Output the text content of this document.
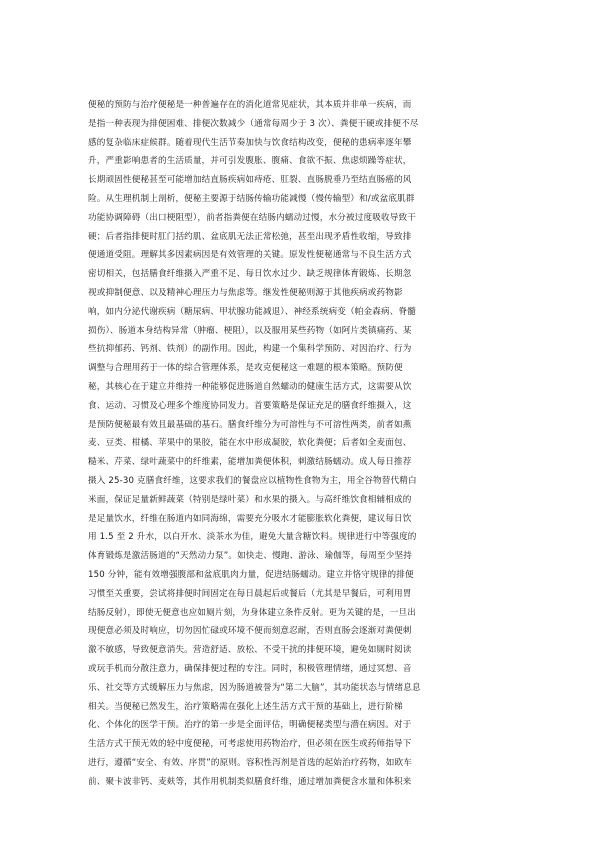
便秘的预防与治疗便秘是一种普遍存在的消化道常见症状，其本质并非单一疾病，而
是指一种表现为排便困难、排便次数减少（通常每周少于 3 次）、粪便干硬或排便不尽
感的复杂临床症候群。随着现代生活节奏加快与饮食结构改变，便秘的患病率逐年攀
升，严重影响患者的生活质量，并可引发腹胀、腹痛、食欲不振、焦虑烦躁等症状，
长期顽固性便秘甚至可能增加结直肠疾病如痔疮、肛裂、直肠脱垂乃至结直肠癌的风
险。从生理机制上剖析，便秘主要源于结肠传输功能减慢（慢传输型）和/或盆底肌群
功能协调障碍（出口梗阻型），前者指粪便在结肠内蠕动过慢，水分被过度吸收导致干
硬；后者指排便时肛门括约肌、盆底肌无法正常松弛，甚至出现矛盾性收缩，导致排
便通道受阻。理解其多因素病因是有效管理的关键。原发性便秘通常与不良生活方式
密切相关，包括膳食纤维摄入严重不足、每日饮水过少、缺乏规律体育锻炼、长期忽
视或抑制便意、以及精神心理压力与焦虑等。继发性便秘则源于其他疾病或药物影
响，如内分泌代谢疾病（糖尿病、甲状腺功能减退）、神经系统病变（帕金森病、脊髓
损伤）、肠道本身结构异常（肿瘤、梗阻），以及服用某些药物（如阿片类镇痛药、某
些抗抑郁药、钙剂、铁剂）的副作用。因此，构建一个集科学预防、对因治疗、行为
调整与合理用药于一体的综合管理体系，是攻克便秘这一难题的根本策略。预防便
秘，其核心在于建立并维持一种能够促进肠道自然蠕动的健康生活方式，这需要从饮
食、运动、习惯及心理多个维度协同发力。首要策略是保证充足的膳食纤维摄入，这
是预防便秘最有效且最基础的基石。膳食纤维分为可溶性与不可溶性两类，前者如燕
麦、豆类、柑橘、苹果中的果胶，能在水中形成凝胶，软化粪便；后者如全麦面包、
糙米、芹菜、绿叶蔬菜中的纤维素，能增加粪便体积，刺激结肠蠕动。成人每日推荐
摄入 25-30 克膳食纤维，这要求我们的餐盘应以植物性食物为主，用全谷物替代精白
米面，保证足量新鲜蔬菜（特别是绿叶菜）和水果的摄入。与高纤维饮食相辅相成的
是足量饮水，纤维在肠道内如同海绵，需要充分吸水才能膨胀软化粪便，建议每日饮
用 1.5 至 2 升水，以白开水、淡茶水为佳，避免大量含糖饮料。规律进行中等强度的
体育锻炼是激活肠道的“天然动力泵”。如快走、慢跑、游泳、瑜伽等，每周至少坚持
150 分钟，能有效增强腹部和盆底肌肉力量，促进结肠蠕动。建立并恪守规律的排便
习惯至关重要，尝试将排便时间固定在每日晨起后或餐后（尤其是早餐后，可利用胃
结肠反射），即使无便意也应如厕片刻，为身体建立条件反射。更为关键的是，一旦出
现便意必须及时响应，切勿因忙碌或环境不便而刻意忍耐，否则直肠会逐渐对粪便刺
激不敏感，导致便意消失。营造舒适、放松、不受干扰的排便环境，避免如厕时阅读
或玩手机而分散注意力，确保排便过程的专注。同时，积极管理情绪，通过冥想、音
乐、社交等方式缓解压力与焦虑，因为肠道被誉为“第二大脑”，其功能状态与情绪息息
相关。当便秘已然发生，治疗策略需在强化上述生活方式干预的基础上，进行阶梯
化、个体化的医学干预。治疗的第一步是全面评估，明确便秘类型与潜在病因。对于
生活方式干预无效的轻中度便秘，可考虑使用药物治疗，但必须在医生或药师指导下
进行，遵循“安全、有效、序贯”的原则。容积性泻剂是首选的起始治疗药物，如欧车
前、聚卡波非钙、麦麸等，其作用机制类似膳食纤维，通过增加粪便含水量和体积来
